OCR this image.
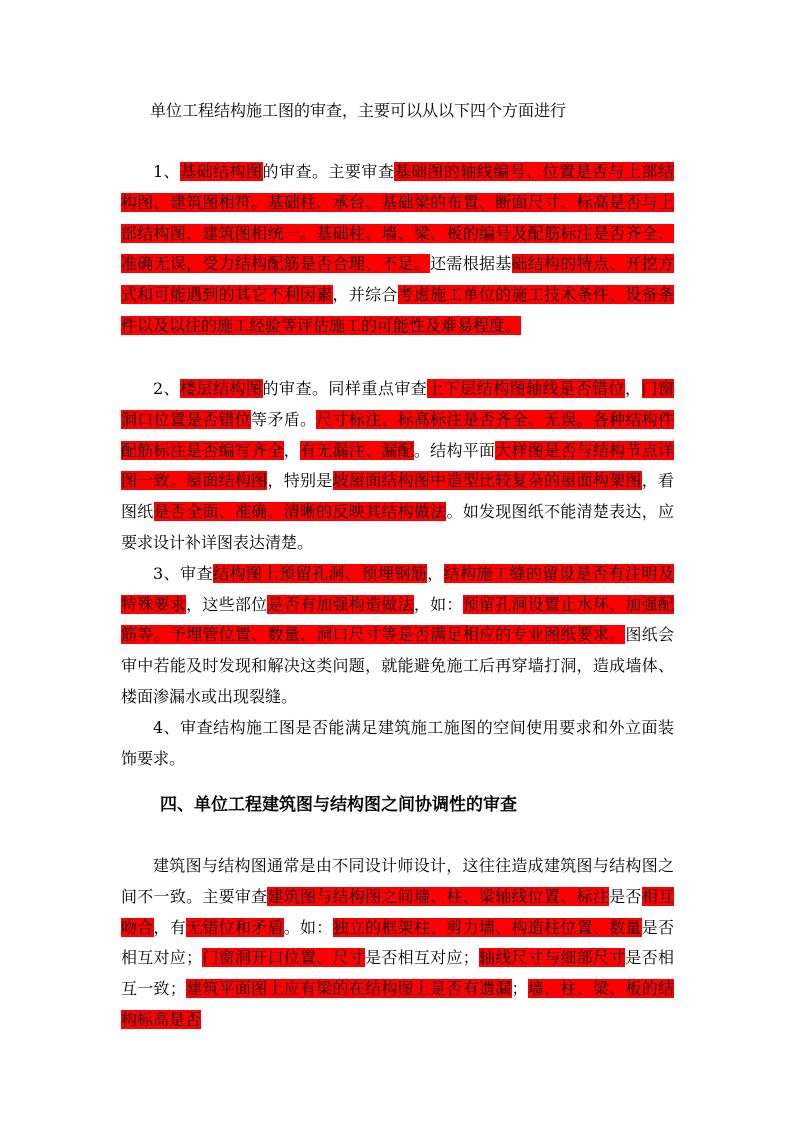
单位工程结构施工图的审查，主要可以从以下四个方面进行

1、基础结构图的审查。主要审查基础图的轴线编号、位置是否与上部结构图、建筑图相符。基础柱、承台、基础梁的布置、断面尺寸、标高是否与上部结构图、建筑图相统一。基础柱、墙、梁、板的编号及配筋标注是否齐全、准确无误，受力结构配筋是否合理、不足。还需根据基础结构的特点、开挖方式和可能遇到的其它不利因素，并综合考虑施工单位的施工技术条件、设备条件以及以往的施工经验等评估施工的可能性及难易程度。

2、楼层结构图的审查。同样重点审查上下层结构图轴线是否错位，门窗洞口位置是否错位等矛盾。尺寸标注、标高标注是否齐全、无误。各种结构件配筋标注是否编写齐全，有无漏注、漏配。结构平面大样图是否与结构节点详图一致。屋面结构图，特别是坡屋面结构图中造型比较复杂的屋面构架图，看图纸是否全面、准确、清晰的反映其结构做法。如发现图纸不能清楚表达，应要求设计补详图表达清楚。

3、审查结构图上预留孔洞、预埋钢筋，结构施工缝的留设是否有注明及特殊要求，这些部位是否有加强构造做法，如：预留孔洞设置止水环、加强配筋等。予埋管位置、数量、洞口尺寸等是否满足相应的专业图纸要求。图纸会审中若能及时发现和解决这类问题，就能避免施工后再穿墙打洞，造成墙体、楼面渗漏水或出现裂缝。

4、审查结构施工图是否能满足建筑施工施图的空间使用要求和外立面装饰要求。

四、单位工程建筑图与结构图之间协调性的审查

建筑图与结构图通常是由不同设计师设计，这往往造成建筑图与结构图之间不一致。主要审查建筑图与结构图之间墙、柱、梁轴线位置、标注是否相互吻合，有无错位和矛盾。如：独立的框架柱、剪力墙、构造柱位置、数量是否相互对应；门窗洞开口位置、尺寸是否相互对应；轴线尺寸与细部尺寸是否相互一致；建筑平面图上应有梁的在结构图上是否有遗漏；墙、柱、梁、板的结构标高是否
